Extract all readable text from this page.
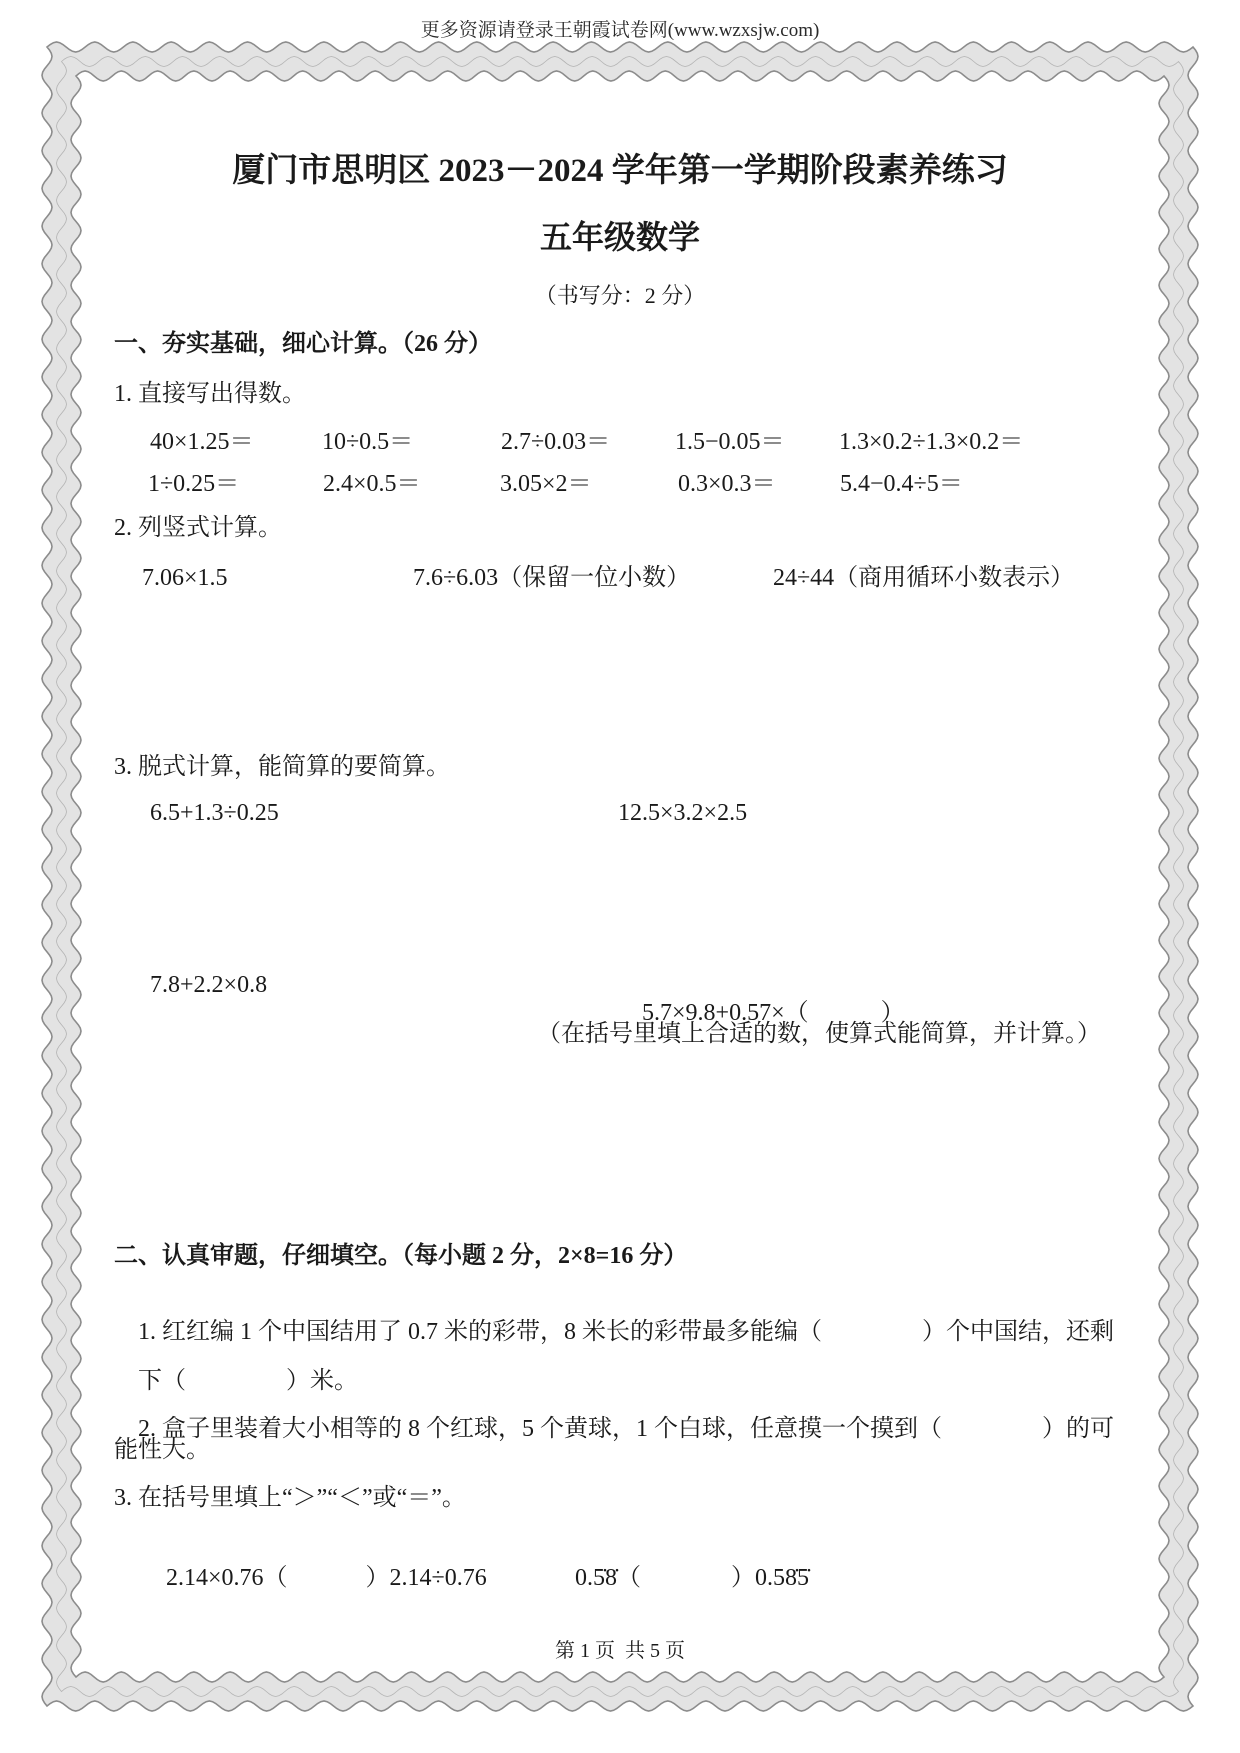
更多资源请登录王朝霞试卷网(www.wzxsjw.com)
厦门市思明区 2023－2024 学年第一学期阶段素养练习
五年级数学
（书写分：2 分）
一、夯实基础，细心计算。（26 分）
1. 直接写出得数。
40×1.25＝	10÷0.5＝	2.7÷0.03＝	1.5−0.05＝ 1.3×0.2÷1.3×0.2＝
1÷0.25＝	2.4×0.5＝	3.05×2＝	0.3×0.3＝	5.4−0.4÷5＝
2. 列竖式计算。
7.06×1.5	7.6÷6.03（保留一位小数）	24÷44（商用循环小数表示）
3. 脱式计算，能简算的要简算。
6.5+1.3÷0.25	12.5×3.2×2.5
7.8+2.2×0.8

5.7×9.8+0.57×（	）

（在括号里填上合适的数，使算式能简算，并计算。）
二、认真审题，仔细填空。（每小题 2 分，2×8=16 分）

1. 红红编 1 个中国结用了 0.7 米的彩带，8 米长的彩带最多能编（	）个中国结，还剩

下（	）米。

2. 盒子里装着大小相等的 8 个红球，5 个黄球，1 个白球，任意摸一个摸到（	）的可

能性大。
3. 在括号里填上“＞”“＜”或“＝”。

2.14×0.76（	）2.14÷0.76
	0.5̇8̇（	）0.58̇5̇

第 1 页  共 5 页
